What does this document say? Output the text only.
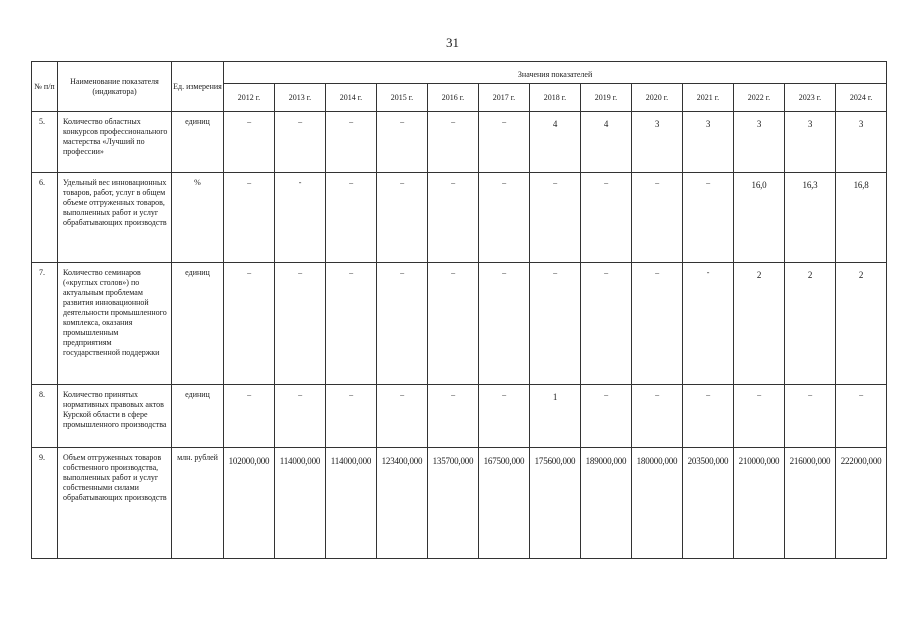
31
№ п/п	Наименование показателя (индикатора)	Ед. измерения	Значения показателей												
			2012 г.	2013 г.	2014 г.	2015 г.	2016 г.	2017 г.	2018 г.	2019 г.	2020 г.	2021 г.	2022 г.	2023 г.	2024 г.
5.	Количество областных конкурсов профессионального мастерства «Лучший по профессии»	единиц	–	–	–	–	–	–	4	4	3	3	3	3	3
6.	Удельный вес инновационных товаров, работ, услуг в общем объеме отгруженных товаров, выполненных работ и услуг обрабатывающих производств	%	–	-	–	–	–	–	–	–	–	–	16,0	16,3	16,8
7.	Количество семинаров («круглых столов») по актуальным проблемам развития инновационной деятельности промышленного комплекса, оказания промышленным предприятиям государственной поддержки	единиц	–	–	–	–	–	–	–	–	–	-	2	2	2
8.	Количество принятых нормативных правовых актов Курской области в сфере промышленного производства	единиц	–	–	–	–	–	–	1	–	–	–	–	–	–
9.	Объем отгруженных товаров собственного производства, выполненных работ и услуг собственными силами обрабатывающих производств	млн. рублей	102000,000	114000,000	114000,000	123400,000	135700,000	167500,000	175600,000	189000,000	180000,000	203500,000	210000,000	216000,000	222000,000
